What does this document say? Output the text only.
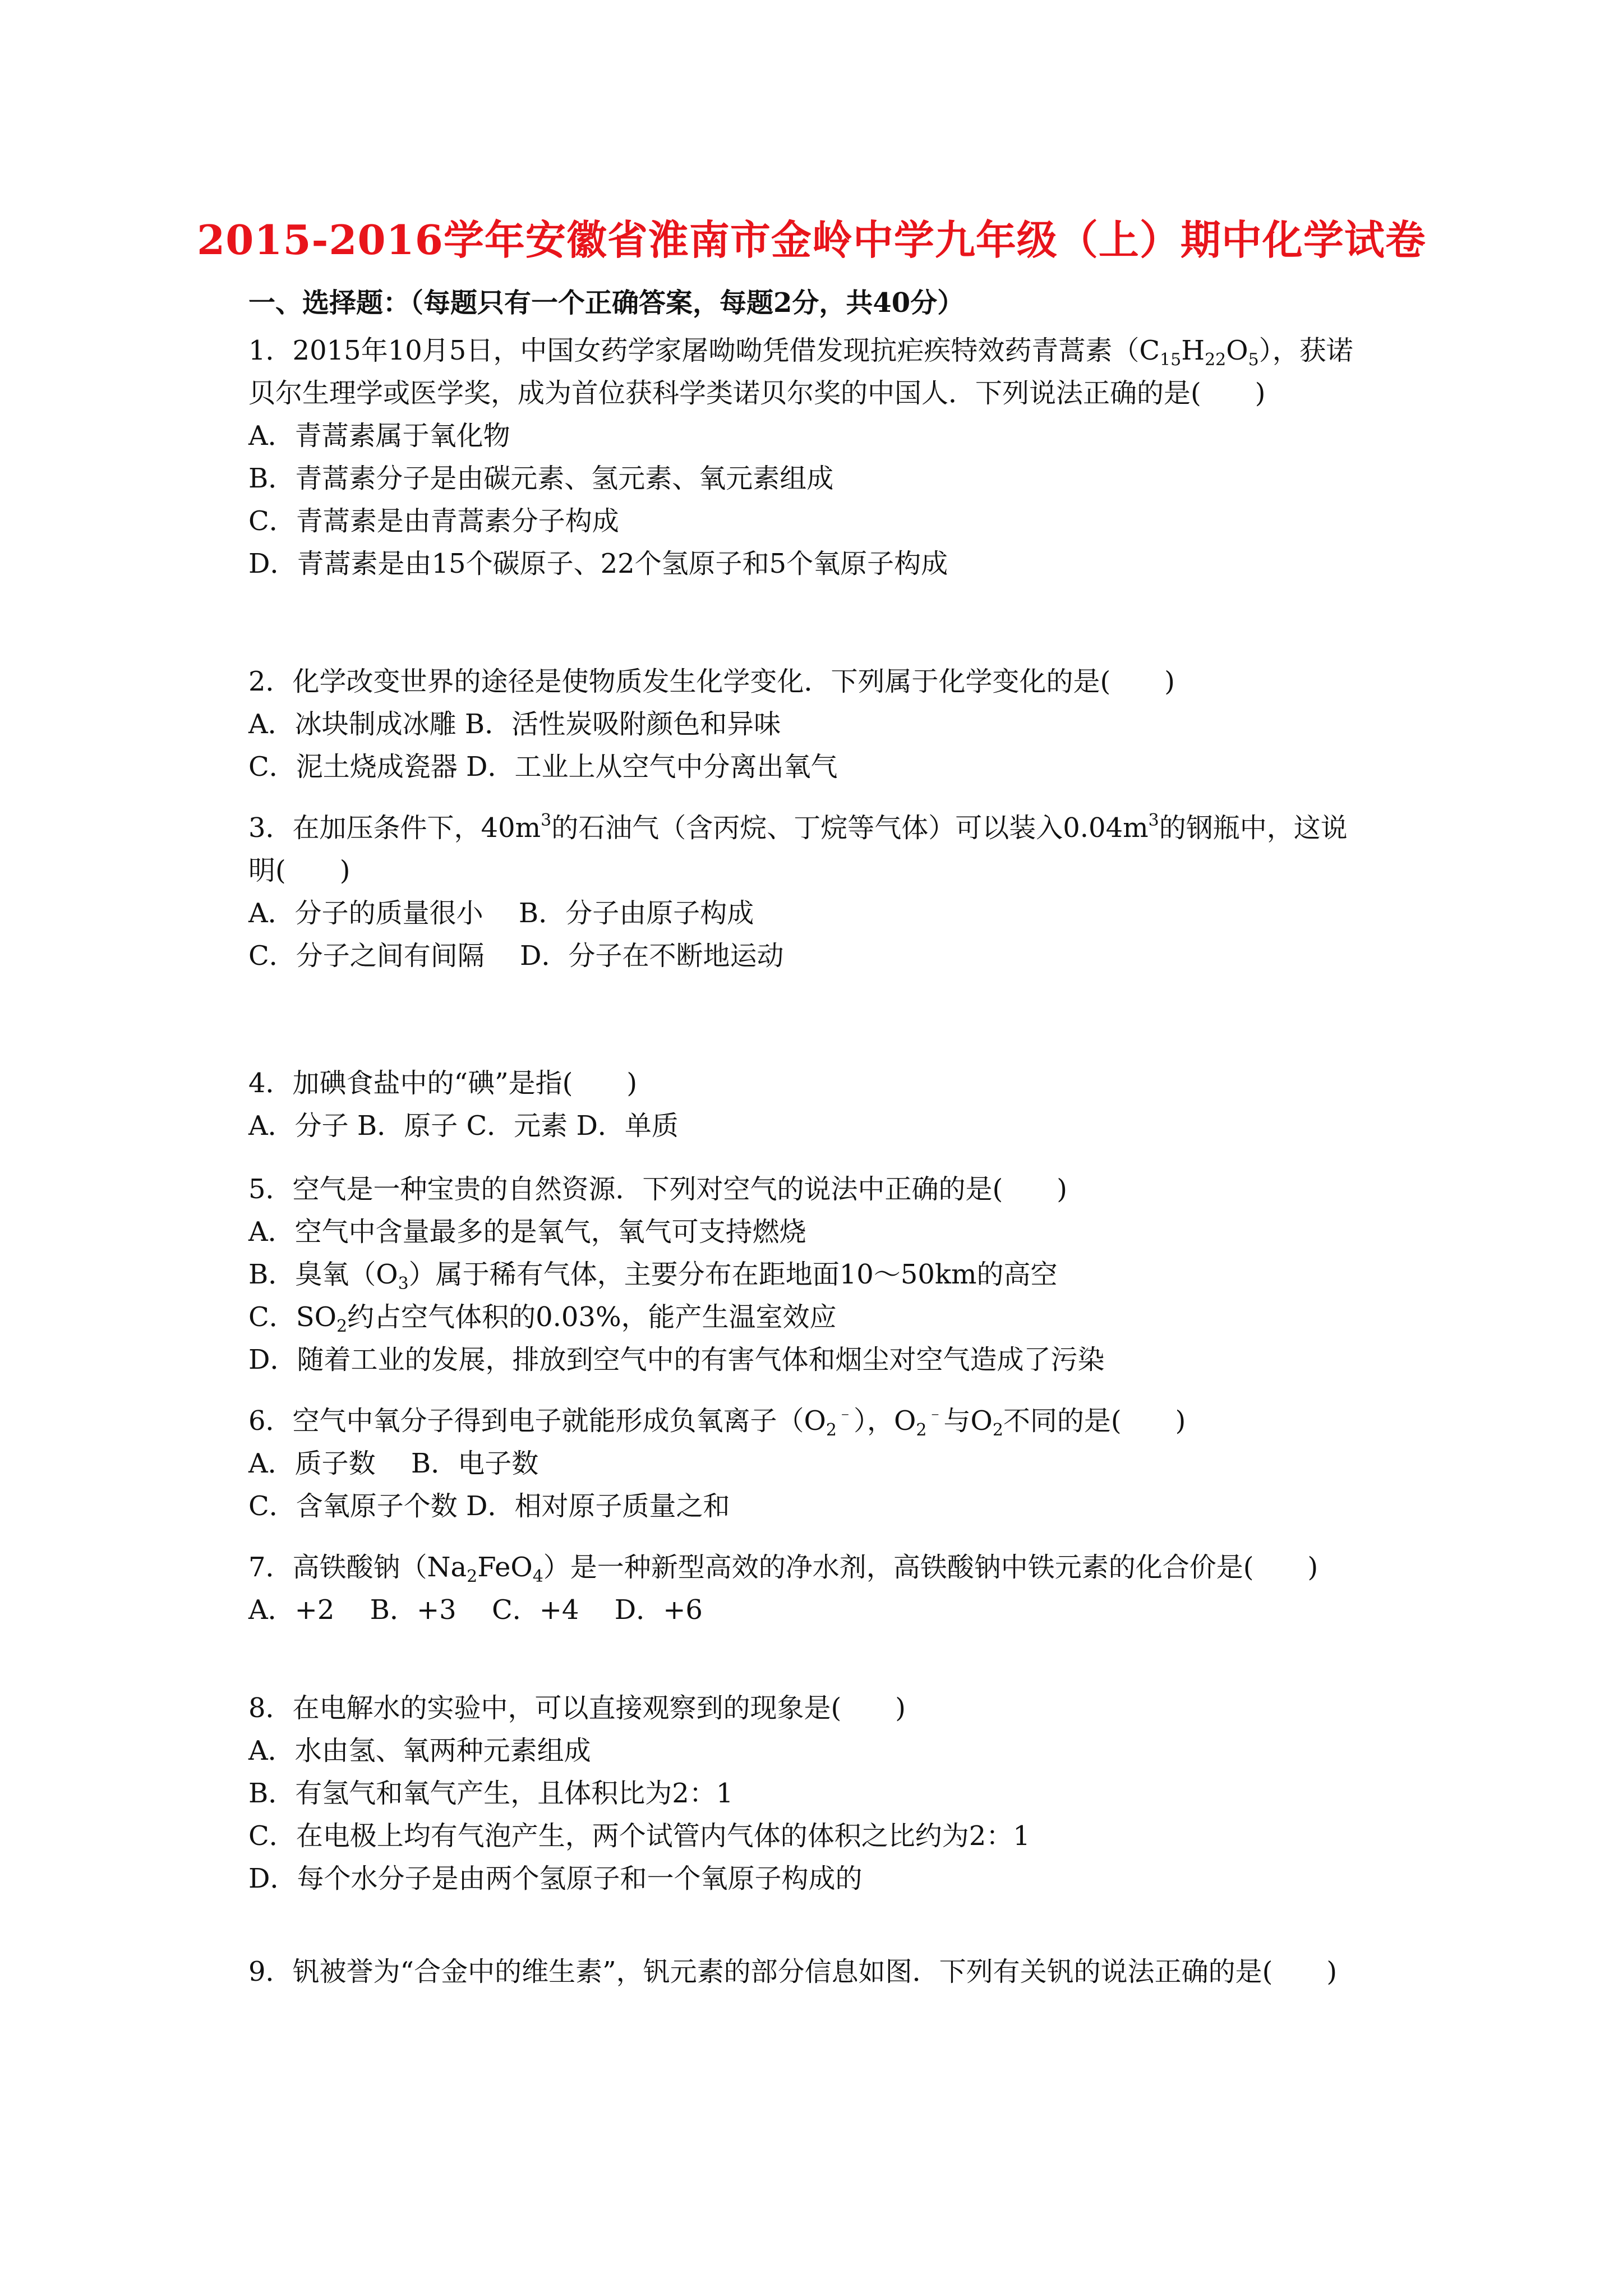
2015-2016学年安徽省淮南市金岭中学九年级（上）期中化学试卷
一、选择题：（每题只有一个正确答案，每题2分，共40分）
1．2015年10月5日，中国女药学家屠呦呦凭借发现抗疟疾特效药青蒿素$(C_{15}H_{22}O_5)$，获诺
贝尔生理学或医学奖，成为首位获科学类诺贝尔奖的中国人．下列说法正确的是(　　)
A．青蒿素属于氧化物
B．青蒿素分子是由碳元素、氢元素、氧元素组成
C．青蒿素是由青蒿素分子构成
D．青蒿素是由15个碳原子、22个氢原子和5个氧原子构成
2．化学改变世界的途径是使物质发生化学变化．下列属于化学变化的是(　　)
A．冰块制成冰雕 B．活性炭吸附颜色和异味
C．泥土烧成瓷器 D．工业上从空气中分离出氧气
3．在加压条件下，$40m^3$的石油气（含丙烷、丁烷等气体）可以装入$0.04m^3$的钢瓶中，这说
明(　　)
A．分子的质量很小　 B．分子由原子构成
C．分子之间有间隔　 D．分子在不断地运动
4．加碘食盐中的“碘”是指(　　)
A．分子 B．原子 C．元素 D．单质
5．空气是一种宝贵的自然资源．下列对空气的说法中正确的是(　　)
A．空气中含量最多的是氧气，氧气可支持燃烧
B．臭氧$(O_3)$属于稀有气体，主要分布在距地面10～50km的高空
C．$SO_2$约占空气体积的0.03%，能产生温室效应
D．随着工业的发展，排放到空气中的有害气体和烟尘对空气造成了污染
6．空气中氧分子得到电子就能形成负氧离子$(O_2^﹣)$，$O_2^﹣$与$O_2$不同的是(　　)
A．质子数　 B．电子数
C．含氧原子个数 D．相对原子质量之和
7．高铁酸钠$(Na_2FeO_4)$是一种新型高效的净水剂，高铁酸钠中铁元素的化合价是(　　)
A．+2　 B．+3　 C．+4　 D．+6
8．在电解水的实验中，可以直接观察到的现象是(　　)
A．水由氢、氧两种元素组成
B．有氢气和氧气产生，且体积比为2：1
C．在电极上均有气泡产生，两个试管内气体的体积之比约为2：1
D．每个水分子是由两个氢原子和一个氧原子构成的
9．钒被誉为“合金中的维生素”，钒元素的部分信息如图．下列有关钒的说法正确的是(　　)
